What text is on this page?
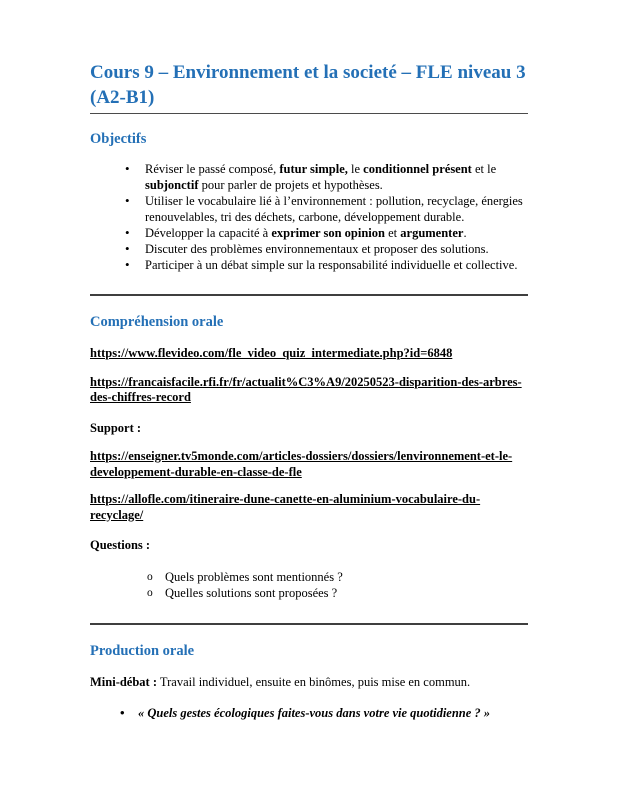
Cours 9 – Environnement et la societé – FLE niveau 3
(A2-B1)
Objectifs
• Réviser le passé composé, futur simple, le conditionnel présent et le subjonctif pour parler de projets et hypothèses.
• Utiliser le vocabulaire lié à l’environnement : pollution, recyclage, énergies renouvelables, tri des déchets, carbone, développement durable.
• Développer la capacité à exprimer son opinion et argumenter.
• Discuter des problèmes environnementaux et proposer des solutions.
• Participer à un débat simple sur la responsabilité individuelle et collective.
Compréhension orale

https://www.flevideo.com/fle_video_quiz_intermediate.php?id=6848

https://francaisfacile.rfi.fr/fr/actualit%C3%A9/20250523-disparition-des-arbres-des-chiffres-record

Support :

https://enseigner.tv5monde.com/articles-dossiers/dossiers/lenvironnement-et-le-developpement-durable-en-classe-de-fle

https://allofle.com/itineraire-dune-canette-en-aluminium-vocabulaire-du-recyclage/

Questions :

o Quels problèmes sont mentionnés ?
o Quelles solutions sont proposées ?
Production orale

Mini-débat : Travail individuel, ensuite en binômes, puis mise en commun.

• « Quels gestes écologiques faites-vous dans votre vie quotidienne ? »
